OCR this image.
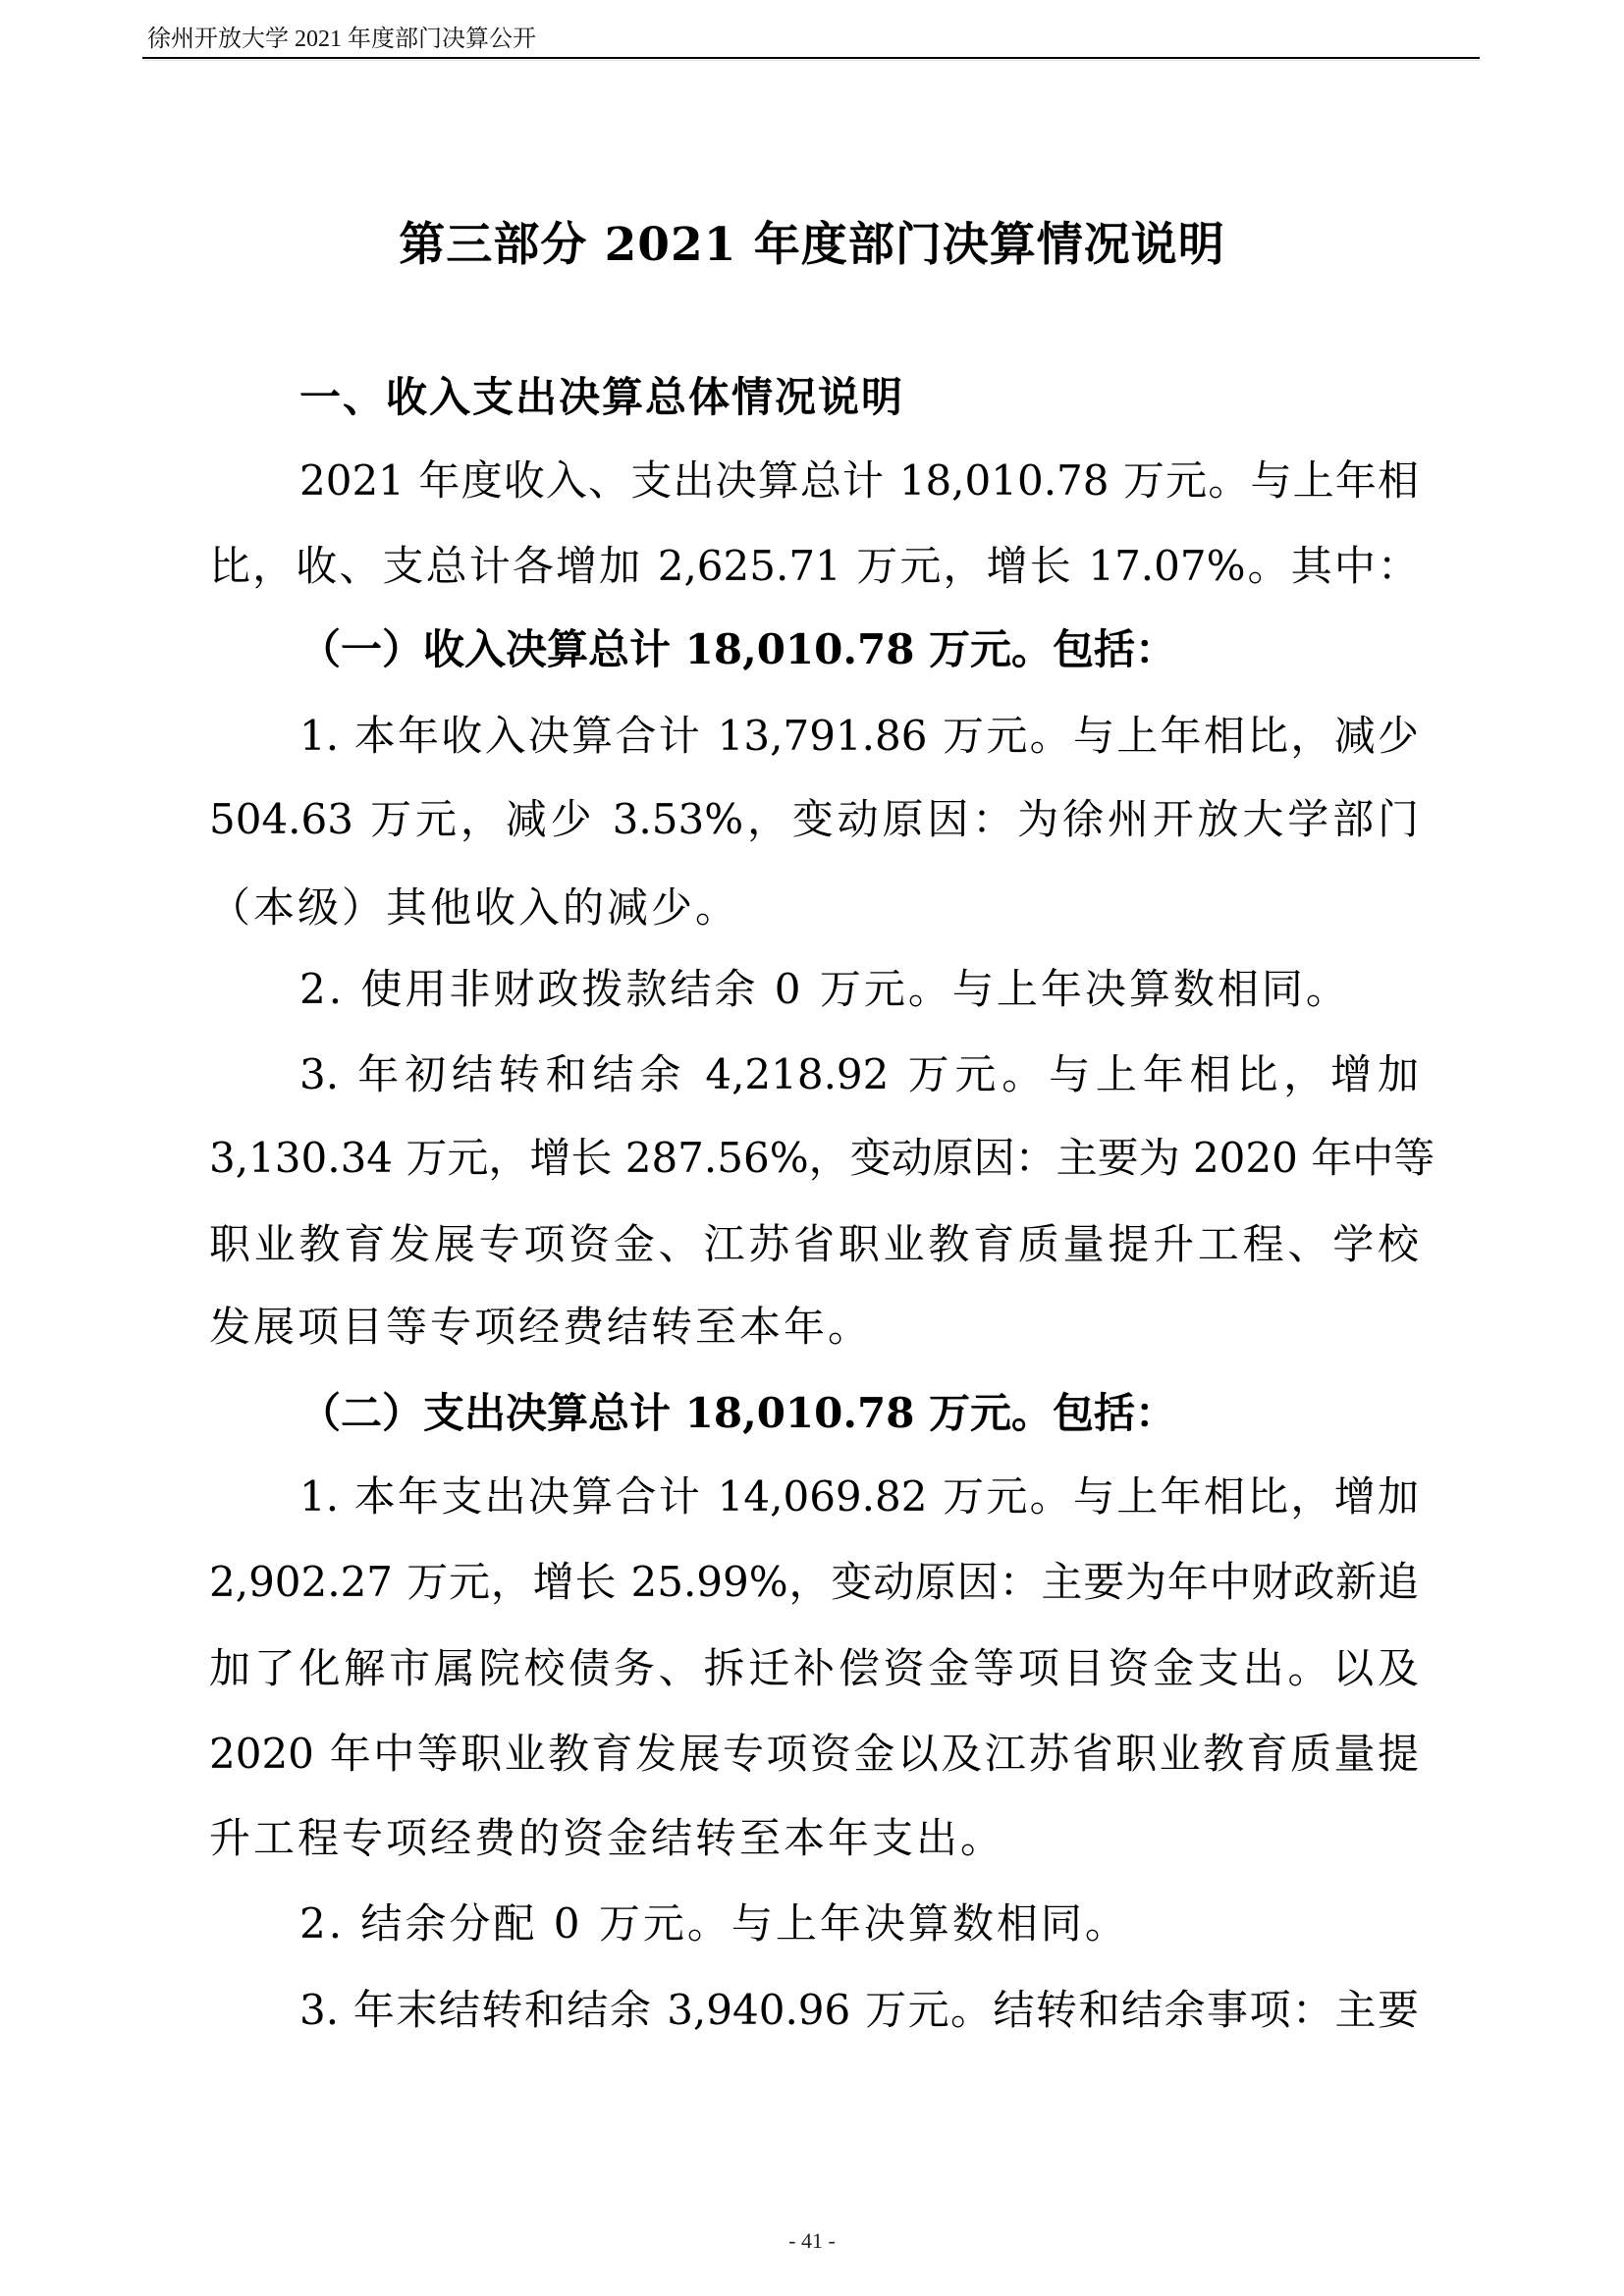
徐州开放大学 2021 年度部门决算公开
第三部分 2021 年度部门决算情况说明
一、收入支出决算总体情况说明
2021 年度收入、支出决算总计 18,010.78 万元。与上年相
比，收、支总计各增加 2,625.71 万元，增长 17.07%。其中：
（一）收入决算总计 18,010.78 万元。包括：
1. 本年收入决算合计 13,791.86 万元。与上年相比，减少
504.63 万元，减少 3.53%，变动原因：为徐州开放大学部门
（本级）其他收入的减少。
2. 使用非财政拨款结余 0 万元。与上年决算数相同。
3. 年初结转和结余 4,218.92 万元。与上年相比，增加
3,130.34 万元，增长 287.56%，变动原因：主要为 2020 年中等
职业教育发展专项资金、江苏省职业教育质量提升工程、学校
发展项目等专项经费结转至本年。
（二）支出决算总计 18,010.78 万元。包括：
1. 本年支出决算合计 14,069.82 万元。与上年相比，增加
2,902.27 万元，增长 25.99%，变动原因：主要为年中财政新追
加了化解市属院校债务、拆迁补偿资金等项目资金支出。以及
2020 年中等职业教育发展专项资金以及江苏省职业教育质量提
升工程专项经费的资金结转至本年支出。
2. 结余分配 0 万元。与上年决算数相同。
3. 年末结转和结余 3,940.96 万元。结转和结余事项：主要
- 41 -
